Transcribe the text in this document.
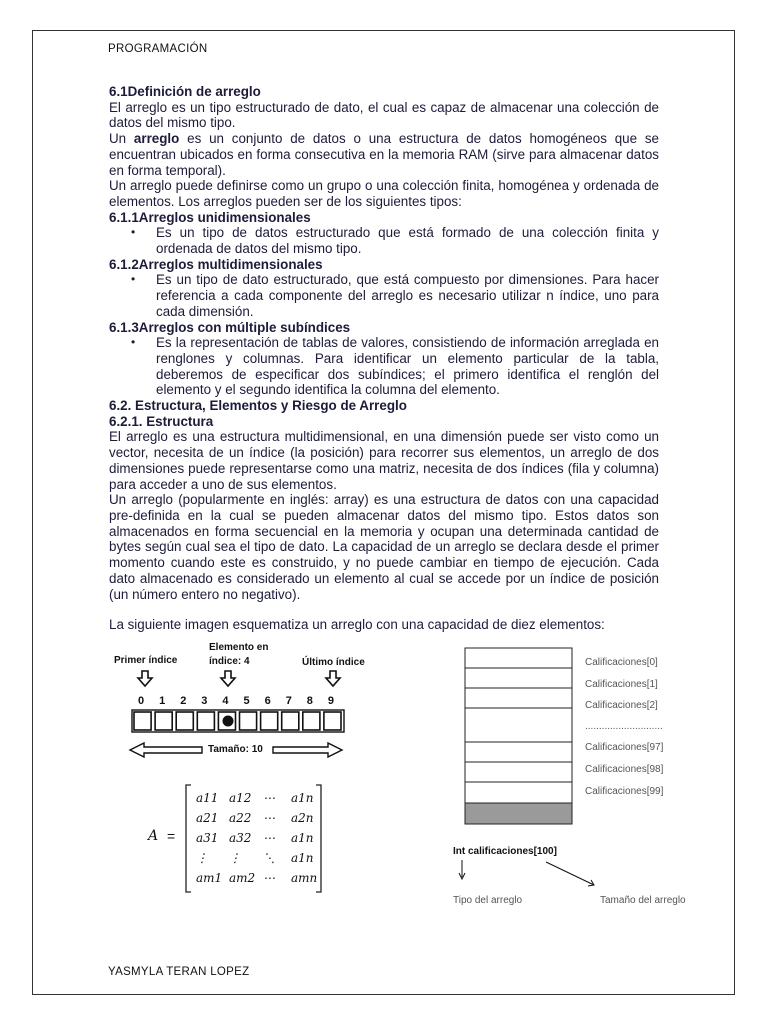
PROGRAMACIÓN

6.1Definición de arreglo

El arreglo es un tipo estructurado de dato, el cual es capaz de almacenar una colección de datos del mismo tipo.

Un arreglo es un conjunto de datos o una estructura de datos homogéneos que se encuentran ubicados en forma consecutiva en la memoria RAM (sirve para almacenar datos en forma temporal).

Un arreglo puede definirse como un grupo o una colección finita, homogénea y ordenada de elementos. Los arreglos pueden ser de los siguientes tipos:

6.1.1Arreglos unidimensionales

• Es un tipo de datos estructurado que está formado de una colección finita y ordenada de datos del mismo tipo.

6.1.2Arreglos multidimensionales

• Es un tipo de dato estructurado, que está compuesto por dimensiones. Para hacer referencia a cada componente del arreglo es necesario utilizar n índice, uno para cada dimensión.

6.1.3Arreglos con múltiple subíndices

• Es la representación de tablas de valores, consistiendo de información arreglada en renglones y columnas. Para identificar un elemento particular de la tabla, deberemos de especificar dos subíndices; el primero identifica el renglón del elemento y el segundo identifica la columna del elemento.

6.2. Estructura, Elementos y Riesgo de Arreglo

6.2.1. Estructura

El arreglo es una estructura multidimensional, en una dimensión puede ser visto como un vector, necesita de un índice (la posición) para recorrer sus elementos, un arreglo de dos dimensiones puede representarse como una matriz, necesita de dos índices (fila y columna) para acceder a uno de sus elementos.

Un arreglo (popularmente en inglés: array) es una estructura de datos con una capacidad pre-definida en la cual se pueden almacenar datos del mismo tipo. Estos datos son almacenados en forma secuencial en la memoria y ocupan una determinada cantidad de bytes según cual sea el tipo de dato. La capacidad de un arreglo se declara desde el primer momento cuando este es construido, y no puede cambiar en tiempo de ejecución. Cada dato almacenado es considerado un elemento al cual se accede por un índice de posición (un número entero no negativo).

La siguiente imagen esquematiza un arreglo con una capacidad de diez elementos:

Primer índice
Elemento en
índice: 4	Último índice
0 1 2 3 4 5 6 7 8 9
Tamaño: 10
A =
a11 a12 ⋯ a1n
a21 a22 ⋯ a2n
a31 a32 ⋯ a1n
⋮ ⋮ ⋱ a1n
am1 am2 ⋯ amn
Calificaciones[0]
Calificaciones[1]
Calificaciones[2]
............................
Calificaciones[97]
Calificaciones[98]
Calificaciones[99]
Int calificaciones[100]
Tipo del arreglo	Tamaño del arreglo
YASMYLA TERAN LOPEZ
